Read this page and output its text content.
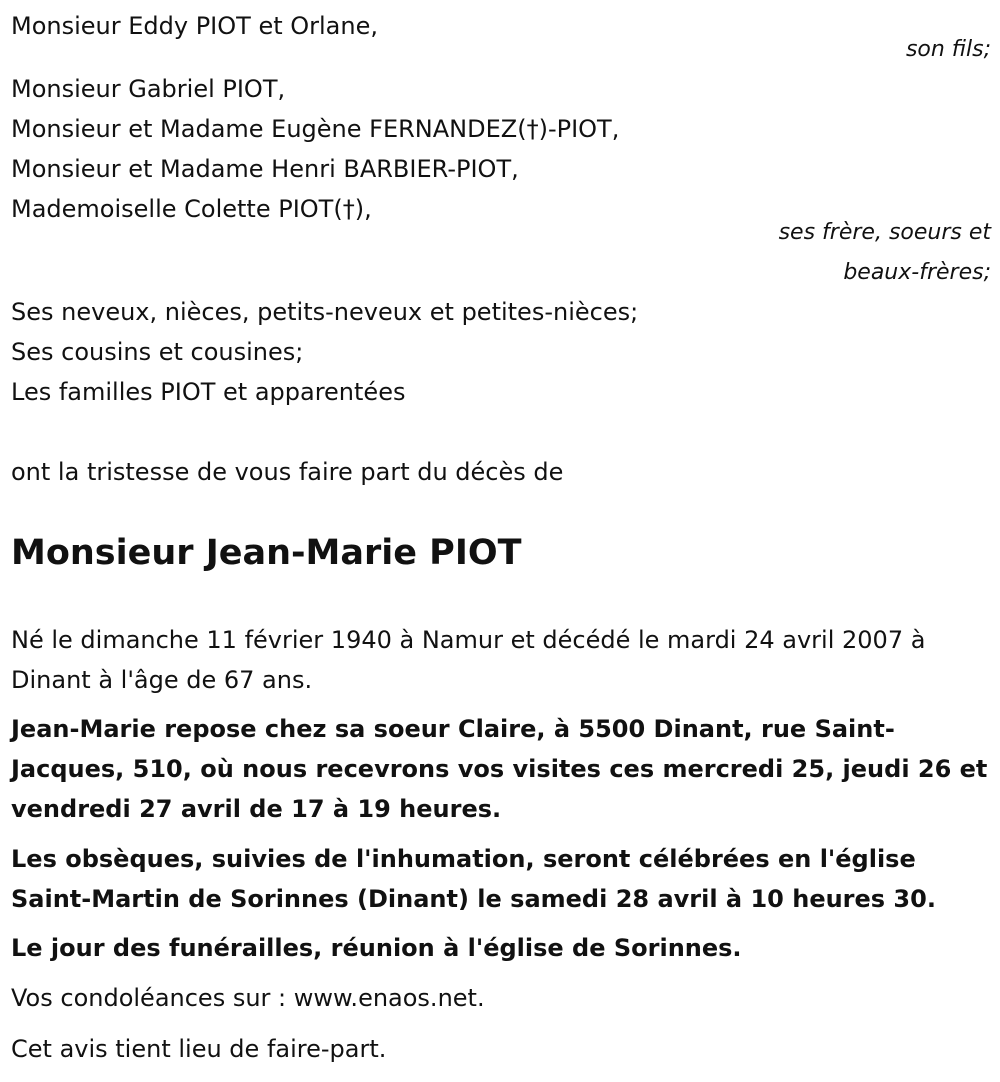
Monsieur Eddy PIOT et Orlane,
son fils;
Monsieur Gabriel PIOT,
Monsieur et Madame Eugène FERNANDEZ(†)-PIOT,
Monsieur et Madame Henri BARBIER-PIOT,
Mademoiselle Colette PIOT(†),
ses frère, soeurs et
beaux-frères;
Ses neveux, nièces, petits-neveux et petites-nièces;
Ses cousins et cousines;
Les familles PIOT et apparentées
ont la tristesse de vous faire part du décès de
Monsieur Jean-Marie PIOT
Né le dimanche 11 février 1940 à Namur et décédé le mardi 24 avril 2007 à Dinant à l'âge de 67 ans.
Jean-Marie repose chez sa soeur Claire, à 5500 Dinant, rue Saint-Jacques, 510, où nous recevrons vos visites ces mercredi 25, jeudi 26 et vendredi 27 avril de 17 à 19 heures.
Les obsèques, suivies de l'inhumation, seront célébrées en l'église Saint-Martin de Sorinnes (Dinant) le samedi 28 avril à 10 heures 30.
Le jour des funérailles, réunion à l'église de Sorinnes.
Vos condoléances sur : www.enaos.net.
Cet avis tient lieu de faire-part.
